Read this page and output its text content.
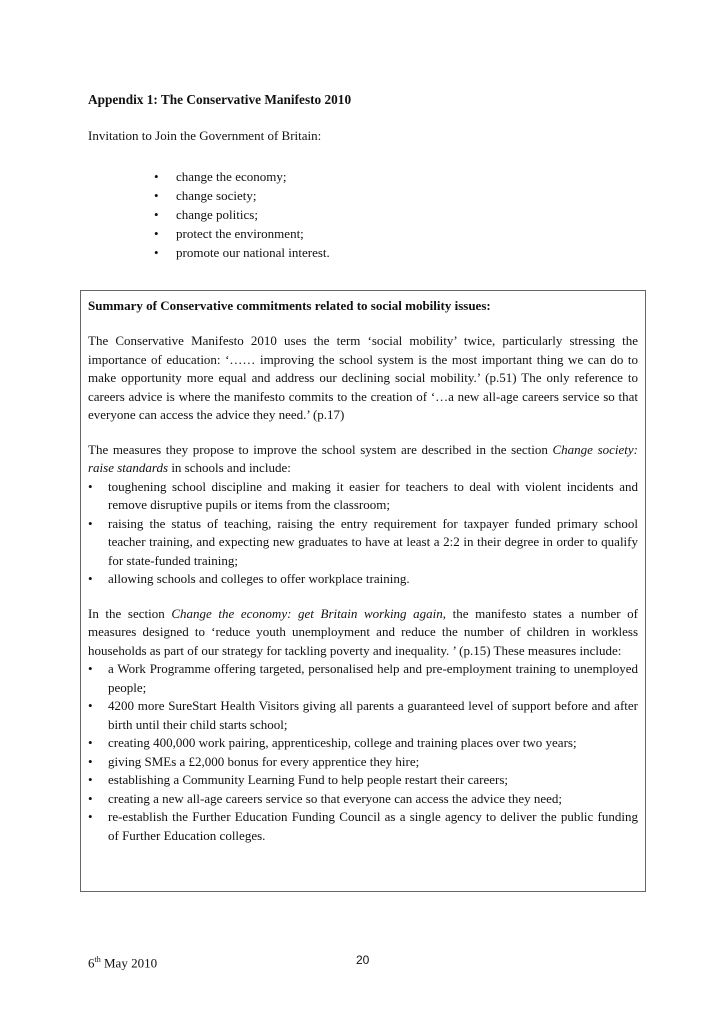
Appendix 1: The Conservative Manifesto 2010
Invitation to Join the Government of Britain:
• change the economy;
• change society;
• change politics;
• protect the environment;
• promote our national interest.
Summary of Conservative commitments related to social mobility issues:

The Conservative Manifesto 2010 uses the term ‘social mobility’ twice, particularly stressing the importance of education: ‘…… improving the school system is the most important thing we can do to make opportunity more equal and address our declining social mobility.’ (p.51) The only reference to careers advice is where the manifesto commits to the creation of ‘…a new all-age careers service so that everyone can access the advice they need.’ (p.17)

The measures they propose to improve the school system are described in the section Change society: raise standards in schools and include:

• toughening school discipline and making it easier for teachers to deal with violent incidents and remove disruptive pupils or items from the classroom;
• raising the status of teaching, raising the entry requirement for taxpayer funded primary school teacher training, and expecting new graduates to have at least a 2:2 in their degree in order to qualify for state-funded training;
• allowing schools and colleges to offer workplace training.

In the section Change the economy: get Britain working again, the manifesto states a number of measures designed to ‘reduce youth unemployment and reduce the number of children in workless households as part of our strategy for tackling poverty and inequality. ’ (p.15) These measures include:

• a Work Programme offering targeted, personalised help and pre-employment training to unemployed people;
• 4200 more SureStart Health Visitors giving all parents a guaranteed level of support before and after birth until their child starts school;
• creating 400,000 work pairing, apprenticeship, college and training places over two years;
• giving SMEs a £2,000 bonus for every apprentice they hire;
• establishing a Community Learning Fund to help people restart their careers;
• creating a new all-age careers service so that everyone can access the advice they need;
• re-establish the Further Education Funding Council as a single agency to deliver the public funding of Further Education colleges.
6th May 2010	20
